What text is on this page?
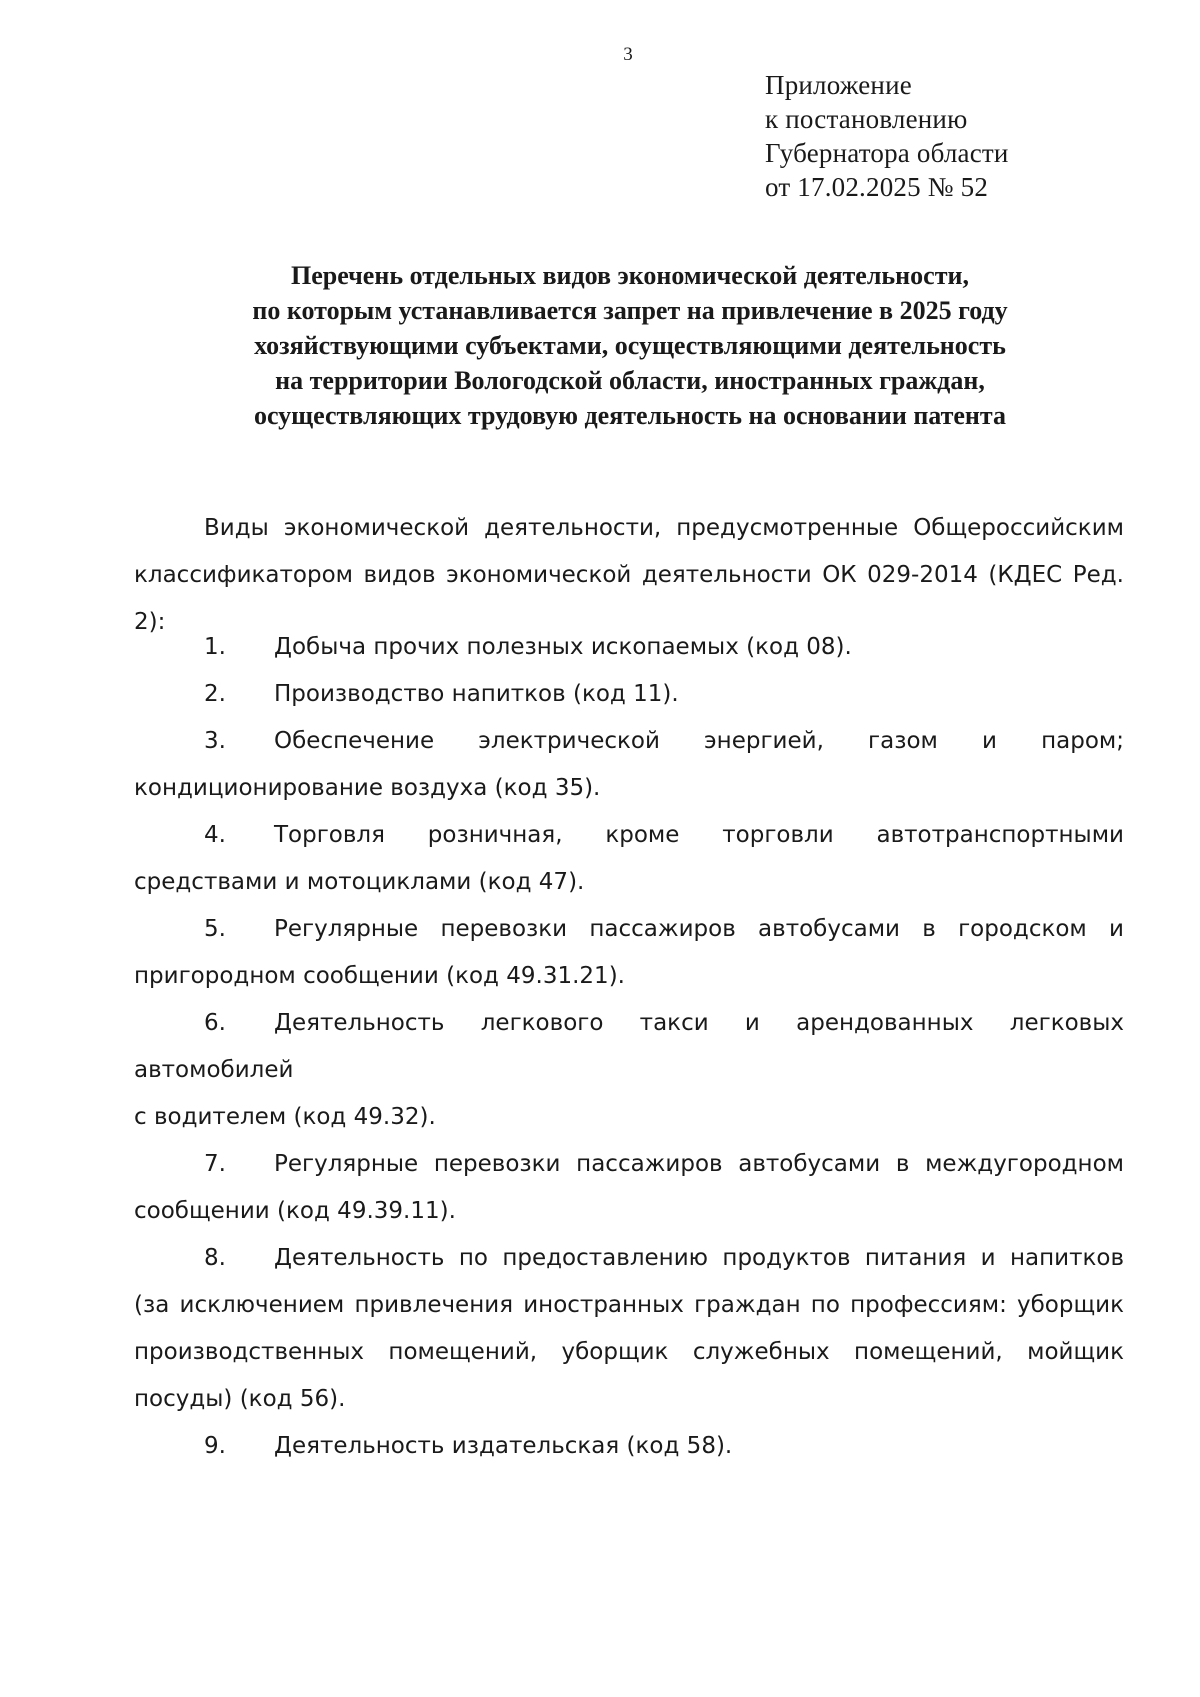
3
Приложение
к постановлению
Губернатора области
от 17.02.2025 № 52
Перечень отдельных видов экономической деятельности,
по которым устанавливается запрет на привлечение в 2025 году
хозяйствующими субъектами, осуществляющими деятельность
на территории Вологодской области, иностранных граждан,
осуществляющих трудовую деятельность на основании патента

Виды экономической деятельности, предусмотренные Общероссийским классификатором видов экономической деятельности ОК 029-2014 (КДЕС Ред. 2):

1. Добыча прочих полезных ископаемых (код 08).

2. Производство напитков (код 11).

3. Обеспечение электрической энергией, газом и паром; кондиционирование воздуха (код 35).

4. Торговля розничная, кроме торговли автотранспортными средствами и мотоциклами (код 47).

5. Регулярные перевозки пассажиров автобусами в городском и пригородном сообщении (код 49.31.21).

6. Деятельность легкового такси и арендованных легковых автомобилей
с водителем (код 49.32).

7. Регулярные перевозки пассажиров автобусами в междугородном сообщении (код 49.39.11).

8. Деятельность по предоставлению продуктов питания и напитков (за исключением привлечения иностранных граждан по профессиям: уборщик производственных помещений, уборщик служебных помещений, мойщик посуды) (код 56).

9. Деятельность издательская (код 58).
